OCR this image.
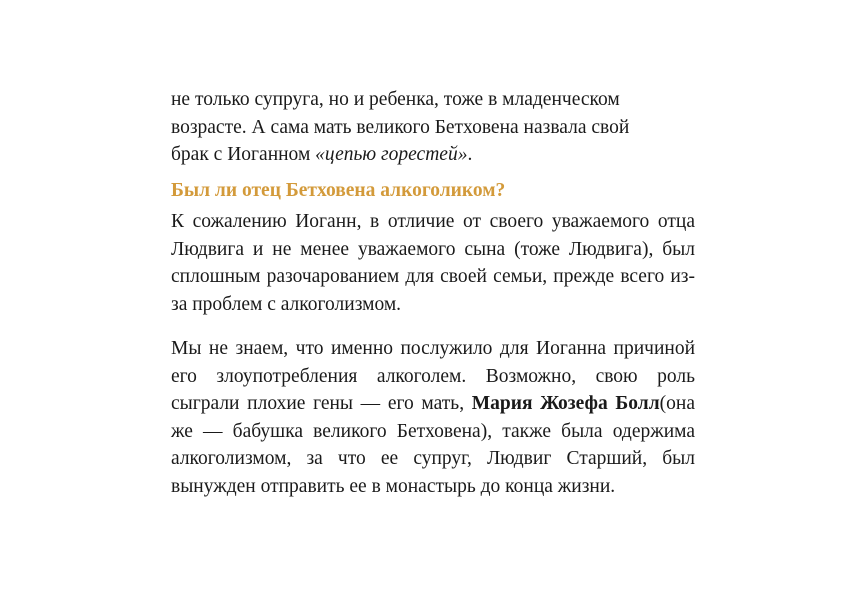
не только супруга, но и ребенка, тоже в младенческом
возрасте. А сама мать великого Бетховена назвала свой
брак с Иоганном «цепью горестей».

Был ли отец Бетховена алкоголиком?

К сожалению Иоганн, в отличие от своего уважаемого отца Людвига и не менее уважаемого сына (тоже Людвига), был сплошным разочарованием для своей семьи, прежде всего из-за проблем с алкоголизмом.

Мы не знаем, что именно послужило для Иоганна причиной его злоупотребления алкоголем. Возможно, свою роль сыграли плохие гены — его мать, Мария Жозефа Болл(она же — бабушка великого Бетховена), также была одержима алкоголизмом, за что ее супруг, Людвиг Старший, был вынужден отправить ее в монастырь до конца жизни.
